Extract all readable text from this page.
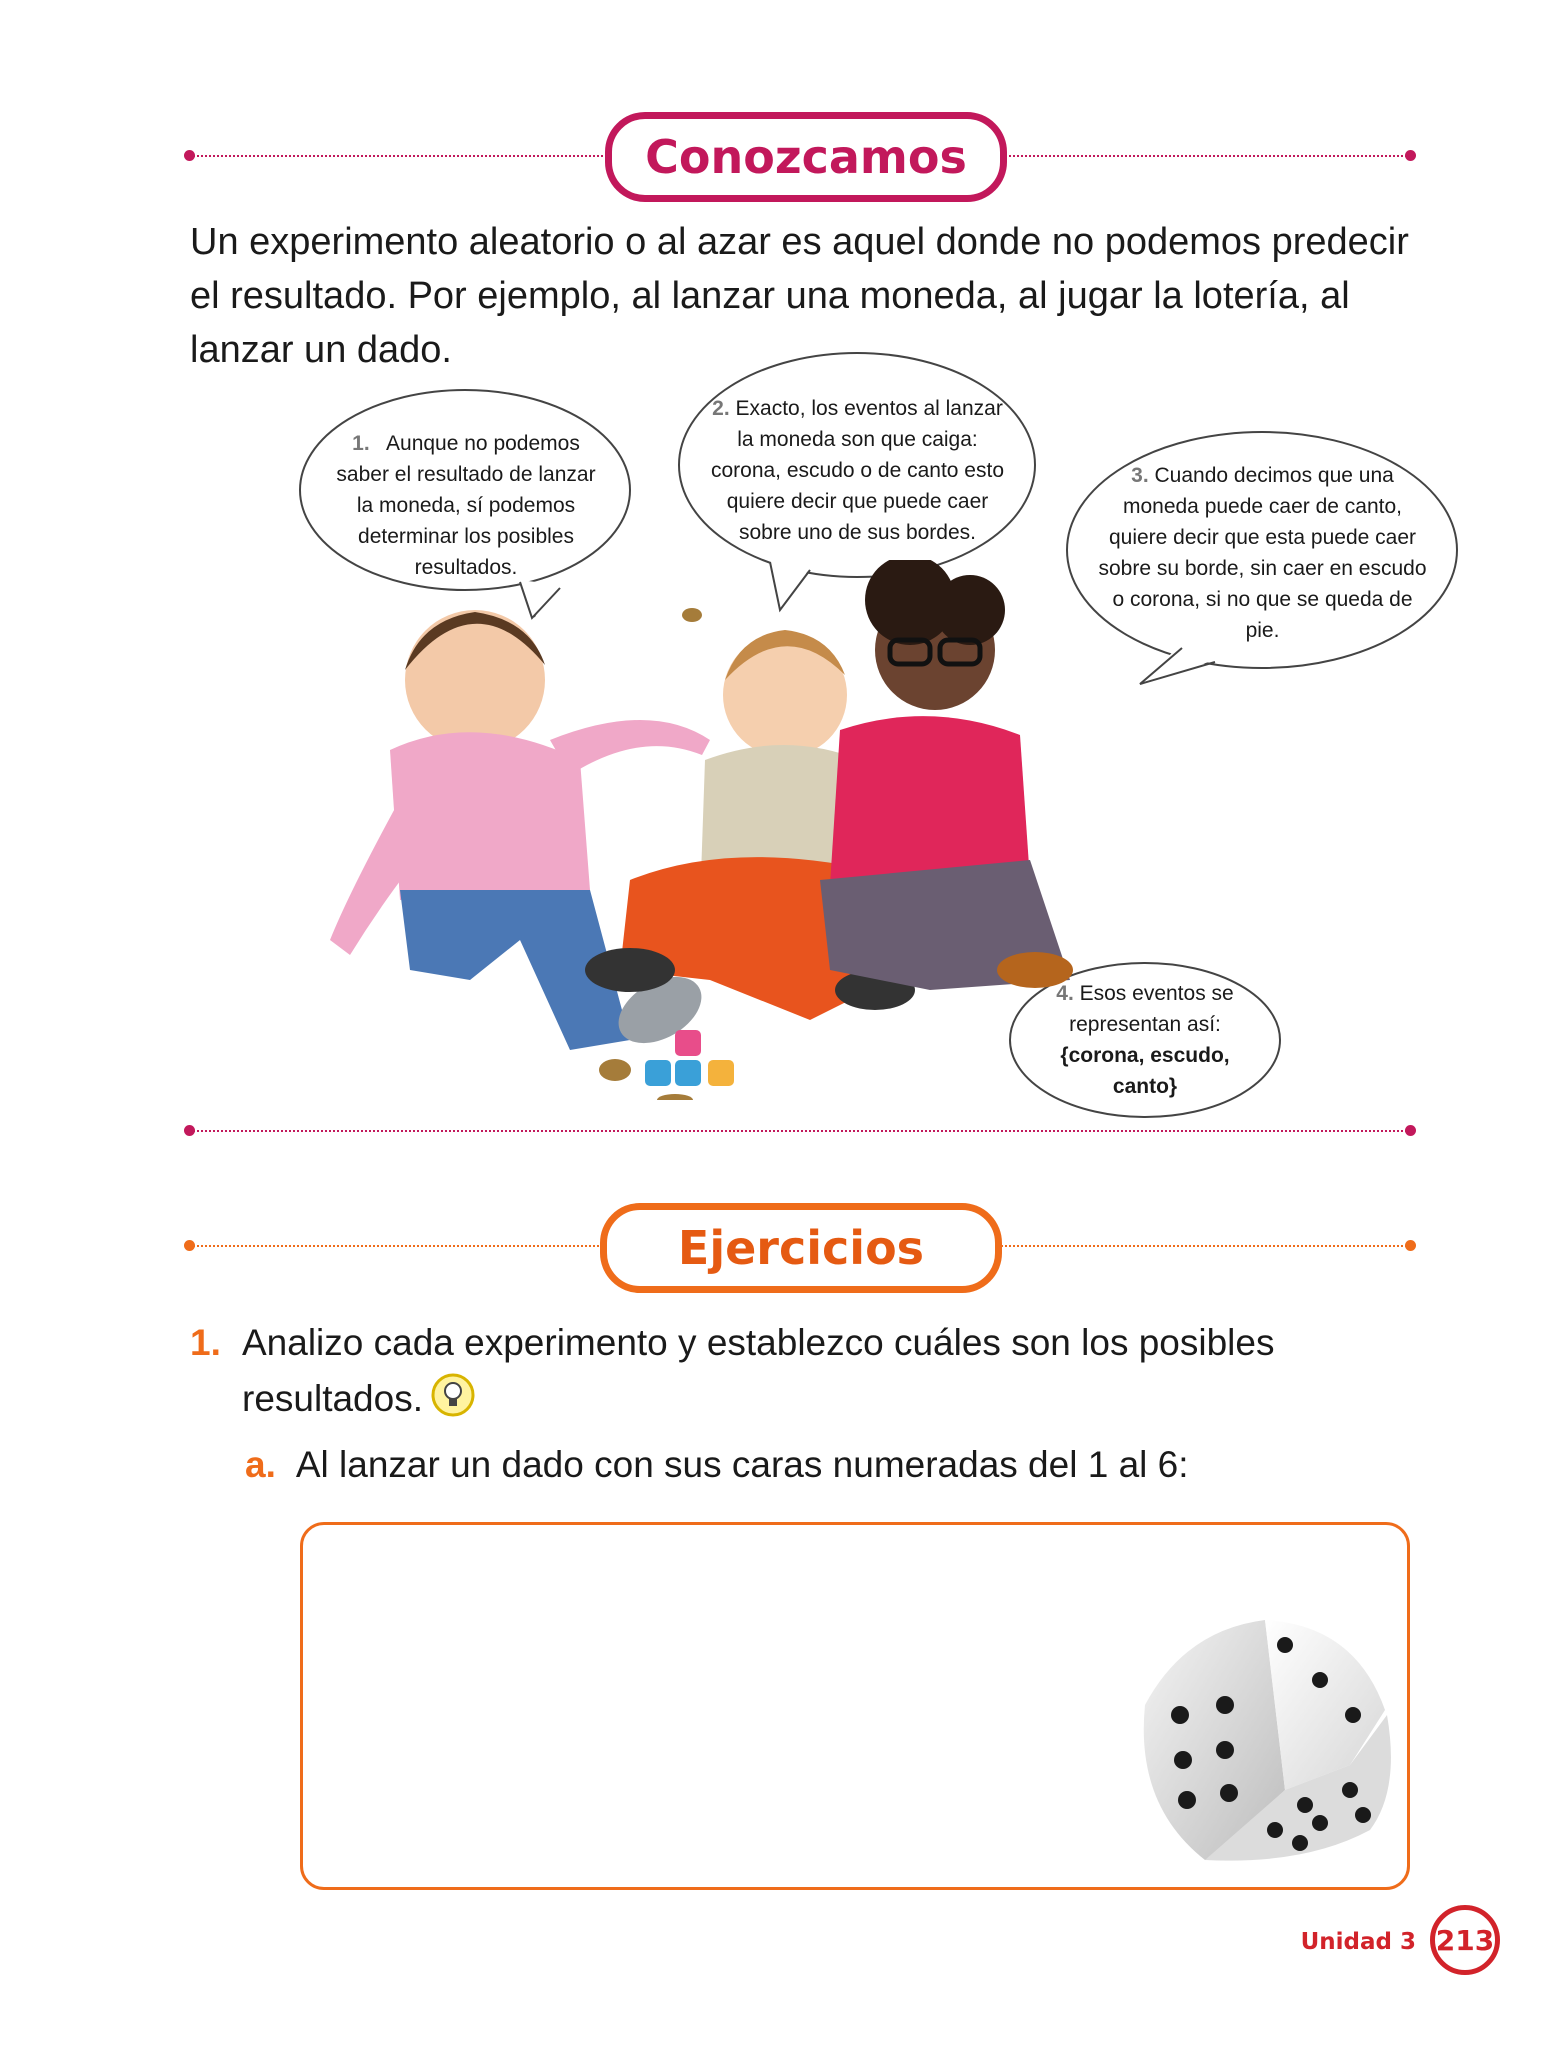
Conozcamos
Un experimento aleatorio o al azar es aquel donde no podemos predecir el resultado. Por ejemplo, al lanzar una moneda, al jugar la lotería, al lanzar un dado.
1. Aunque no podemos saber el resultado de lanzar la moneda, sí podemos determinar los posibles resultados.
2. Exacto, los eventos al lanzar la moneda son que caiga: corona, escudo o de canto esto quiere decir que puede caer sobre uno de sus bordes.
3. Cuando decimos que una moneda puede caer de canto, quiere decir que esta puede caer sobre su borde, sin caer en escudo o corona, si no que se queda de pie.
4. Esos eventos se representan así:
{corona, escudo, canto}
Ejercicios
1. Analizo cada experimento y establezco cuáles son los posibles resultados.
a. Al lanzar un dado con sus caras numeradas del 1 al 6:
Unidad 3 213
